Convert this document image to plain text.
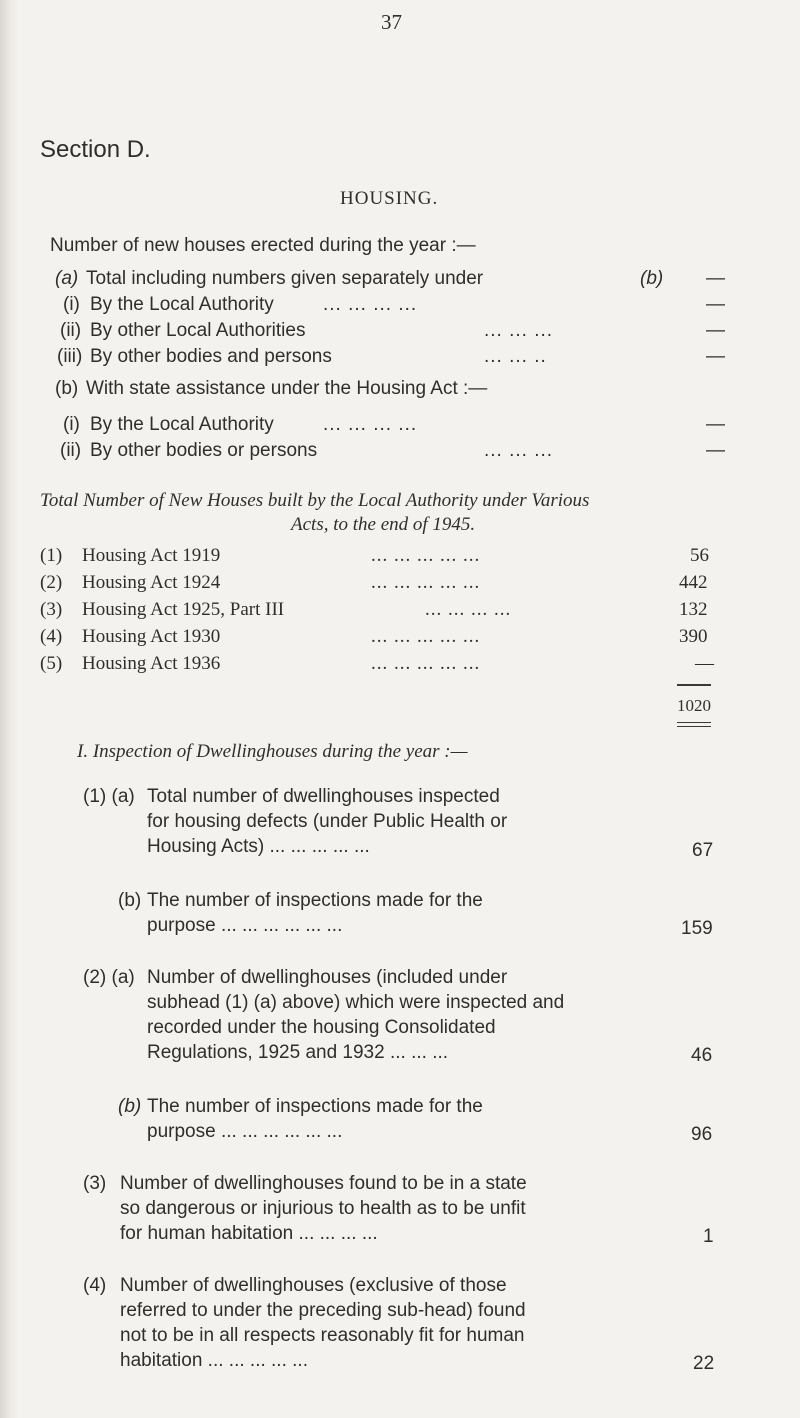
37
Section D.
HOUSING.
Number of new houses erected during the year :—
(a) Total including numbers given separately under	(b) —
(i) By the Local Authority	... ... ... ...	—
(ii) By other Local Authorities	... ... ...	—
(iii) By other bodies and persons	... ... ..	—
(b) With state assistance under the Housing Act :—
(i) By the Local Authority	... ... ... ...	—
(ii) By other bodies or persons	... ... ...	—
Total Number of New Houses built by the Local Authority under Various
Acts, to the end of 1945.
(1) Housing Act 1919	... ... ... ... ...	56
(2) Housing Act 1924	... ... ... ... ...	442
(3) Housing Act 1925, Part III	... ... ... ...	132
(4) Housing Act 1930	... ... ... ... ...	390
(5) Housing Act 1936	... ... ... ... ...	—
1020
I. Inspection of Dwellinghouses during the year :—
(1) (a) Total number of dwellinghouses inspected
for housing defects (under Public Health or
Housing Acts) ... ... ... ... ...	67
(b) The number of inspections made for the
purpose ... ... ... ... ... ...	159
(2) (a) Number of dwellinghouses (included under
subhead (1) (a) above) which were inspected and
recorded under the housing Consolidated
Regulations, 1925 and 1932 ... ... ...	46
(b) The number of inspections made for the
purpose ... ... ... ... ... ...	96
(3) Number of dwellinghouses found to be in a state
so dangerous or injurious to health as to be unfit
for human habitation ... ... ... ...	1
(4) Number of dwellinghouses (exclusive of those
referred to under the preceding sub-head) found
not to be in all respects reasonably fit for human
habitation ... ... ... ... ...	22
